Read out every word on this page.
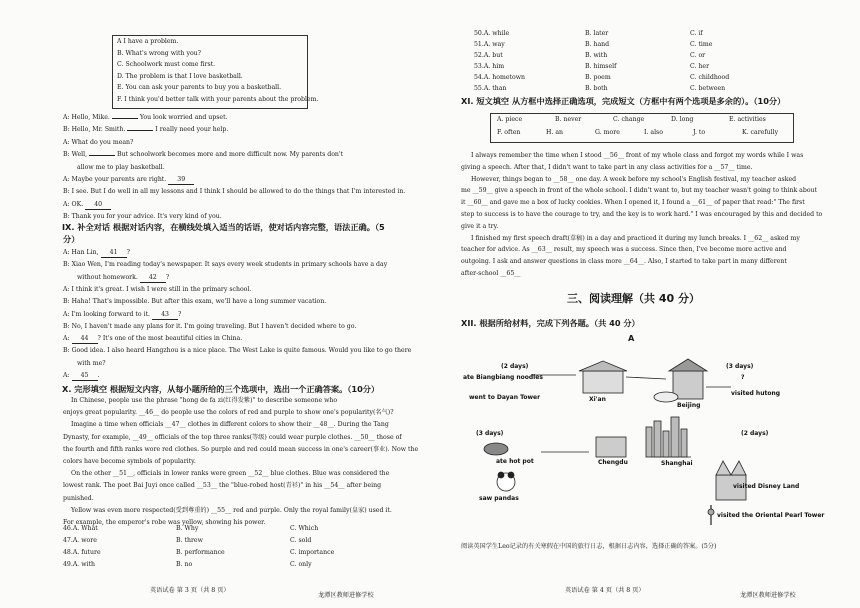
IX. 补全对话 根据对话内容，在横线处填入适当的话语，使对话内容完整，语法正确。（5
分）
X. 完形填空 根据短文内容，从每小题所给的三个选项中，选出一个正确答案。（10分）
英语试卷 第 3 页（共 8 页）
龙潭区教师进修学校
XI. 短文填空 从方框中选择正确选项，完成短文（方框中有两个选项是多余的）。（10分）
三、阅读理解（共 40 分）
XII. 根据所给材料，完成下列各题。（共 40 分）
A
(2 days)	(3 days)
(3 days)	(2 days)
ate Biangbiang noodles
went to Dayan Tower	Xi'an
Beijing
?
visited hutong
ate hot pot	Chengdu
saw pandas
Shanghai
visited Disney Land
visited the Oriental Pearl Tower
阅读英国学生Leo记录的有关寒假在中国的旅行日志，根据日志内容，选择正确的答案。(5分)
英语试卷 第 4 页（共 8 页）
龙潭区教师进修学校
A I have a problem.
B. What's wrong with you?
C. Schoolwork must come first.
D. The problem is that I love basketball.
E. You can ask your parents to buy you a basketball.
F. I think you'd better talk with your parents about the problem.
A: Hello, Mike.	You look worried and upset.
B: Hello, Mr. Smith.	I really need your help.
A: What do you mean?
B: Well,	But schoolwork becomes more and more difficult now. My parents don't
allow me to play basketball.
A: Maybe your parents are right. 39
B: I see. But I do well in all my lessons and I think I should be allowed to do the things that I'm interested in.
A: OK. 40
B: Thank you for your advice. It's very kind of you.
A: Han Lin, 41 ?
B: Xiao Wen, I'm reading today's newspaper. It says every week students in primary schools have a day
without homework. 42 ?
A: I think it's great. I wish I were still in the primary school.
B: Haha! That's impossible. But after this exam, we'll have a long summer vacation.
A: I'm looking forward to it. 43 ?
B: No, I haven't made any plans for it. I'm going traveling. But I haven't decided where to go.
A: 44 ? It's one of the most beautiful cities in China.
B: Good idea. I also heard Hangzhou is a nice place. The West Lake is quite famous. Would you like to go there
with me?
A: 45 .
In Chinese, people use the phrase "hong de fa zi(红得发紫)" to describe someone who
enjoys great popularity. __46__ do people use the colors of red and purple to show one's popularity(名气)?
Imagine a time when officials __47__ clothes in different colors to show their __48__. During the Tang
Dynasty, for example, __49__ officials of the top three ranks(等级) could wear purple clothes. __50__ those of
the fourth and fifth ranks wore red clothes. So purple and red could mean success in one's career(事业). Now the
colors have become symbols of popularity.
On the other __51__, officials in lower ranks were green __52__ blue clothes. Blue was considered the
lowest rank. The poet Bai Juyi once called __53__ the "blue-robed host(青衫)" in his __54__ after being
punished.
Yellow was even more respected(受到尊重的) __55__ red and purple. Only the royal family(皇家) used it.
For example, the emperor's robe was yellow, showing his power.
46.A. What	B. Why	C. Which
47.A. wore	B. threw	C. sold
48.A. future	B. performance	C. importance
49.A. with	B. no	C. only
50.A. while	B. later	C. if
51.A. way	B. hand	C. time
52.A. but	B. with	C. or
53.A. him	B. himself	C. her
54.A. hometown	B. poem	C. childhood
55.A. than	B. both	C. between
A. piece	B. never	C. change	D. long	E. activities
F. often	H. an	G. more	I. also	J. to	K. carefully
I always remember the time when I stood __56__ front of my whole class and forgot my words while I was
giving a speech. After that, I didn't want to take part in any class activities for a __57__ time.
However, things began to __58__ one day. A week before my school's English festival, my teacher asked
me __59__ give a speech in front of the whole school. I didn't want to, but my teacher wasn't going to think about
it __60__ and gave me a box of lucky cookies. When I opened it, I found a __61__ of paper that read:" The first
step to success is to have the courage to try, and the key is to work hard." I was encouraged by this and decided to
give it a try.
I finished my first speech draft(草稿) in a day and practiced it during my lunch breaks. I __62__ asked my
teacher for advice. As __63__ result, my speech was a success. Since then, I've become more active and
outgoing. I ask and answer questions in class more __64__. Also, I started to take part in many different
after-school __65__
